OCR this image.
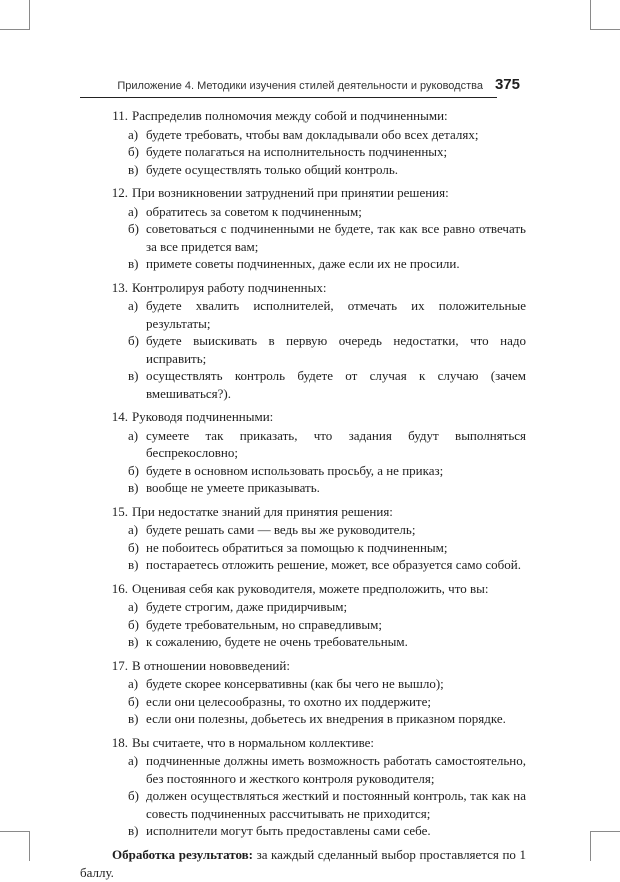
Приложение 4. Методики изучения стилей деятельности и руководства 375
11. Распределив полномочия между собой и подчиненными:
а) будете требовать, чтобы вам докладывали обо всех деталях;
б) будете полагаться на исполнительность подчиненных;
в) будете осуществлять только общий контроль.
12. При возникновении затруднений при принятии решения:
а) обратитесь за советом к подчиненным;
б) советоваться с подчиненными не будете, так как все равно отвечать за все придется вам;
в) примете советы подчиненных, даже если их не просили.
13. Контролируя работу подчиненных:
а) будете хвалить исполнителей, отмечать их положительные результаты;
б) будете выискивать в первую очередь недостатки, что надо исправить;
в) осуществлять контроль будете от случая к случаю (зачем вмешиваться?).
14. Руководя подчиненными:
а) сумеете так приказать, что задания будут выполняться беспрекословно;
б) будете в основном использовать просьбу, а не приказ;
в) вообще не умеете приказывать.
15. При недостатке знаний для принятия решения:
а) будете решать сами — ведь вы же руководитель;
б) не побоитесь обратиться за помощью к подчиненным;
в) постараетесь отложить решение, может, все образуется само собой.
16. Оценивая себя как руководителя, можете предположить, что вы:
а) будете строгим, даже придирчивым;
б) будете требовательным, но справедливым;
в) к сожалению, будете не очень требовательным.
17. В отношении нововведений:
а) будете скорее консервативны (как бы чего не вышло);
б) если они целесообразны, то охотно их поддержите;
в) если они полезны, добьетесь их внедрения в приказном порядке.
18. Вы считаете, что в нормальном коллективе:
а) подчиненные должны иметь возможность работать самостоятельно, без постоянного и жесткого контроля руководителя;
б) должен осуществляться жесткий и постоянный контроль, так как на совесть подчиненных рассчитывать не приходится;
в) исполнители могут быть предоставлены сами себе.
Обработка результатов: за каждый сделанный выбор проставляется по 1 баллу.
